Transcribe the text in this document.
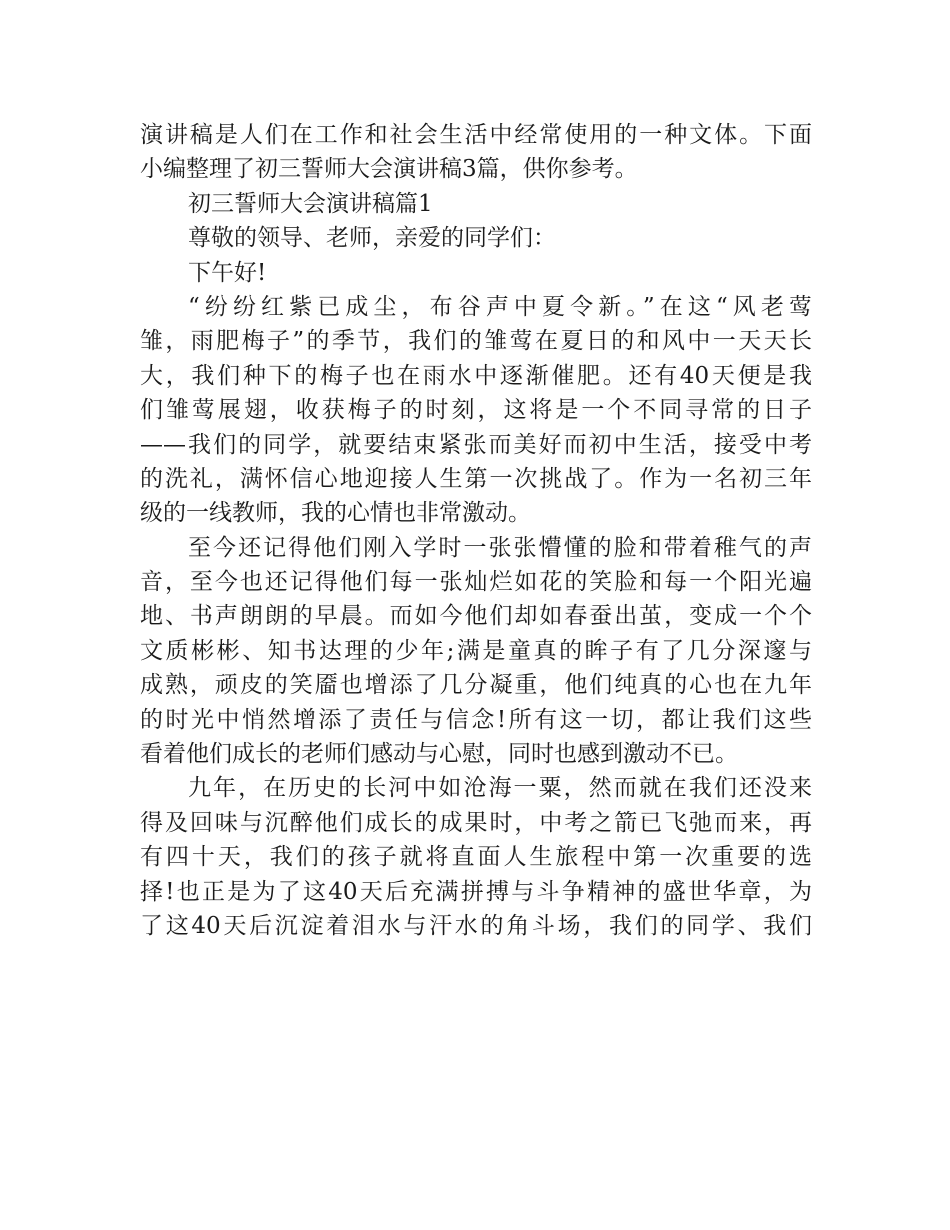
演讲稿是人们在工作和社会生活中经常使用的一种文体。下面
小编整理了初三誓师大会演讲稿3篇，供你参考。
初三誓师大会演讲稿篇1
尊敬的领导、老师，亲爱的同学们：
下午好!
“纷纷红紫已成尘，布谷声中夏令新。”在这“风老莺
雏，雨肥梅子”的季节，我们的雏莺在夏日的和风中一天天长
大，我们种下的梅子也在雨水中逐渐催肥。还有40天便是我
们雏莺展翅，收获梅子的时刻，这将是一个不同寻常的日子
——我们的同学，就要结束紧张而美好而初中生活，接受中考
的洗礼，满怀信心地迎接人生第一次挑战了。作为一名初三年
级的一线教师，我的心情也非常激动。
至今还记得他们刚入学时一张张懵懂的脸和带着稚气的声
音，至今也还记得他们每一张灿烂如花的笑脸和每一个阳光遍
地、书声朗朗的早晨。而如今他们却如春蚕出茧，变成一个个
文质彬彬、知书达理的少年;满是童真的眸子有了几分深邃与
成熟，顽皮的笑靥也增添了几分凝重，他们纯真的心也在九年
的时光中悄然增添了责任与信念!所有这一切，都让我们这些
看着他们成长的老师们感动与心慰，同时也感到激动不已。
九年，在历史的长河中如沧海一粟，然而就在我们还没来
得及回味与沉醉他们成长的成果时，中考之箭已飞弛而来，再
有四十天，我们的孩子就将直面人生旅程中第一次重要的选
择!也正是为了这40天后充满拼搏与斗争精神的盛世华章，为
了这40天后沉淀着泪水与汗水的角斗场，我们的同学、我们
